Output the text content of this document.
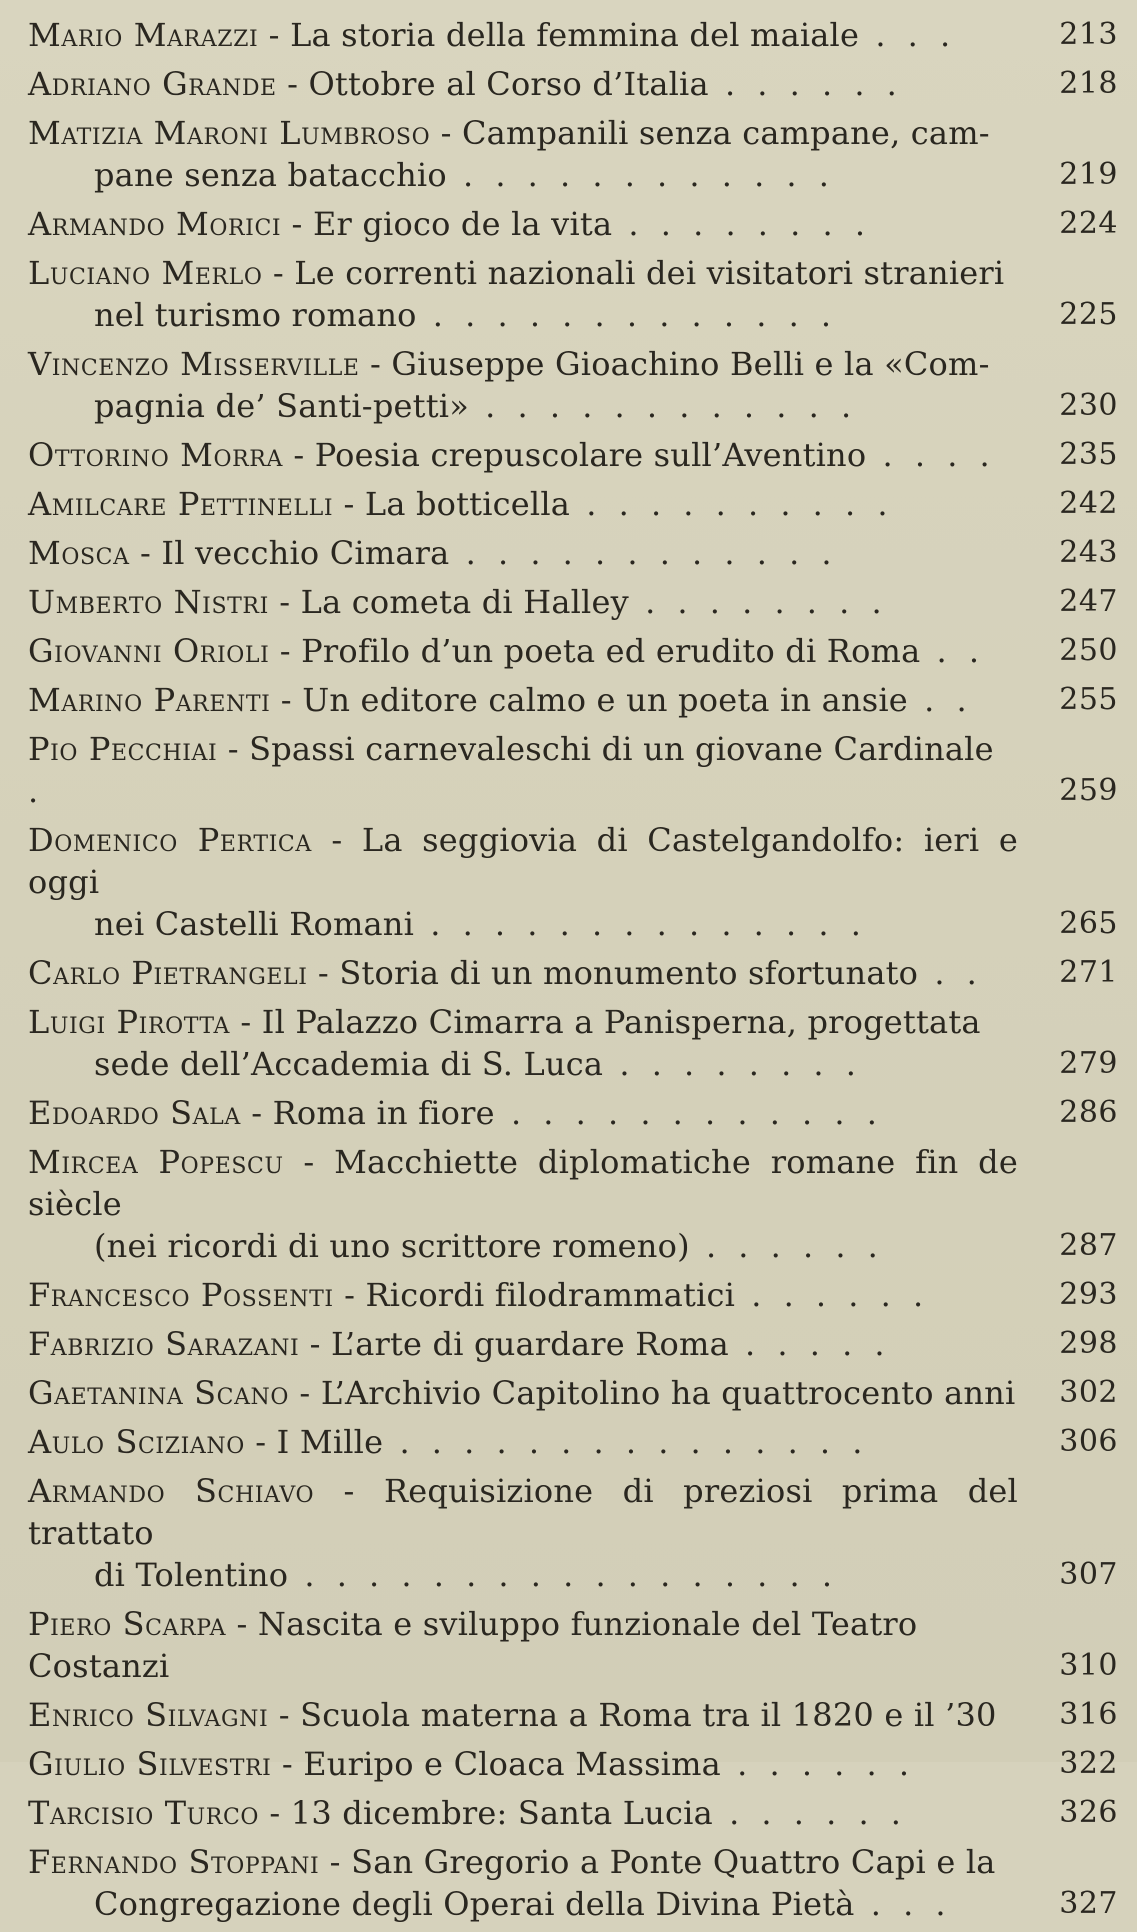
Mario Marazzi - La storia della femmina del maiale . . .	213
Adriano Grande - Ottobre al Corso d’Italia . . . . . .	218
Matizia Maroni Lumbroso - Campanili senza campane, cam-
pane senza batacchio . . . . . . . . . . . .	219
Armando Morici - Er gioco de la vita . . . . . . . .	224
Luciano Merlo - Le correnti nazionali dei visitatori stranieri
nel turismo romano . . . . . . . . . . . . .	225
Vincenzo Misserville - Giuseppe Gioachino Belli e la «Com-
pagnia de’ Santi-petti» . . . . . . . . . . . .	230
Ottorino Morra - Poesia crepuscolare sull’Aventino . . . .	235
Amilcare Pettinelli - La botticella . . . . . . . . . .	242
Mosca - Il vecchio Cimara . . . . . . . . . . . .	243
Umberto Nistri - La cometa di Halley . . . . . . . .	247
Giovanni Orioli - Profilo d’un poeta ed erudito di Roma . .	250
Marino Parenti - Un editore calmo e un poeta in ansie . .	255
Pio Pecchiai - Spassi carnevaleschi di un giovane Cardinale .	259
Domenico Pertica - La seggiovia di Castelgandolfo: ieri e oggi
nei Castelli Romani . . . . . . . . . . . . . .	265
Carlo Pietrangeli - Storia di un monumento sfortunato . .	271
Luigi Pirotta - Il Palazzo Cimarra a Panisperna, progettata
sede dell’Accademia di S. Luca . . . . . . . .	279
Edoardo Sala - Roma in fiore . . . . . . . . . . . .	286
Mircea Popescu - Macchiette diplomatiche romane fin de siècle
(nei ricordi di uno scrittore romeno) . . . . . .	287
Francesco Possenti - Ricordi filodrammatici . . . . . .	293
Fabrizio Sarazani - L’arte di guardare Roma . . . . .	298
Gaetanina Scano - L’Archivio Capitolino ha quattrocento anni	302
Aulo Sciziano - I Mille . . . . . . . . . . . . . . .	306
Armando Schiavo - Requisizione di preziosi prima del trattato
di Tolentino . . . . . . . . . . . . . . . . .	307
Piero Scarpa - Nascita e sviluppo funzionale del Teatro Costanzi	310
Enrico Silvagni - Scuola materna a Roma tra il 1820 e il ’30	316
Giulio Silvestri - Euripo e Cloaca Massima . . . . . .	322
Tarcisio Turco - 13 dicembre: Santa Lucia . . . . . .	326
Fernando Stoppani - San Gregorio a Ponte Quattro Capi e la
Congregazione degli Operai della Divina Pietà . . .	327
